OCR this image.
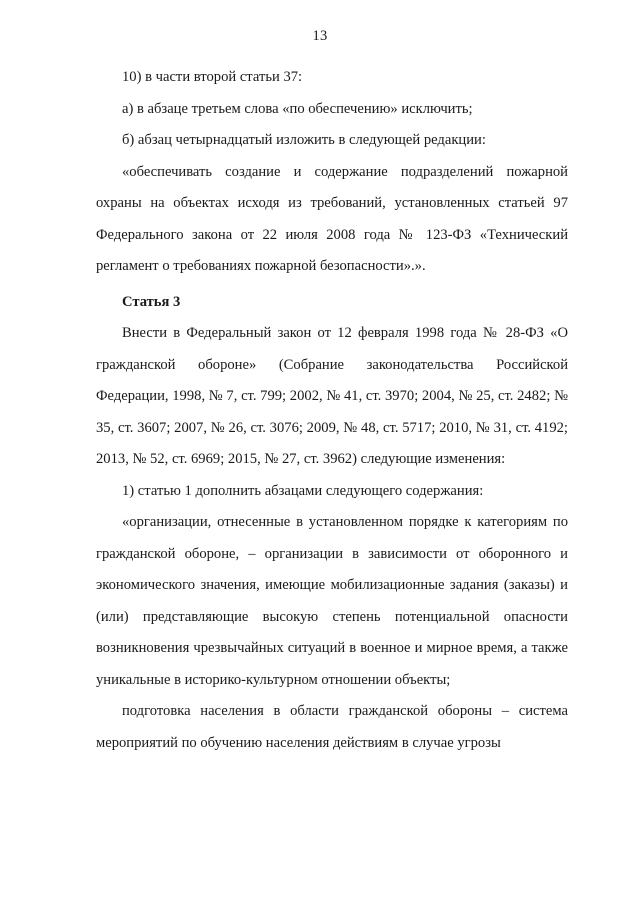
13

10) в части второй статьи 37:

а) в абзаце третьем слова «по обеспечению» исключить;

б) абзац четырнадцатый изложить в следующей редакции:

«обеспечивать создание и содержание подразделений пожарной охраны на объектах исходя из требований, установленных статьей 97 Федерального закона от 22 июля 2008 года № 123-ФЗ «Технический регламент о требованиях пожарной безопасности».».

Статья 3

Внести в Федеральный закон от 12 февраля 1998 года № 28-ФЗ «О гражданской обороне» (Собрание законодательства Российской Федерации, 1998, № 7, ст. 799; 2002, № 41, ст. 3970; 2004, № 25, ст. 2482; № 35, ст. 3607; 2007, № 26, ст. 3076; 2009, № 48, ст. 5717; 2010, № 31, ст. 4192; 2013, № 52, ст. 6969; 2015, № 27, ст. 3962) следующие изменения:

1) статью 1 дополнить абзацами следующего содержания:

«организации, отнесенные в установленном порядке к категориям по гражданской обороне, – организации в зависимости от оборонного и экономического значения, имеющие мобилизационные задания (заказы) и (или) представляющие высокую степень потенциальной опасности возникновения чрезвычайных ситуаций в военное и мирное время, а также уникальные в историко-культурном отношении объекты;

подготовка населения в области гражданской обороны – система мероприятий по обучению населения действиям в случае угрозы
